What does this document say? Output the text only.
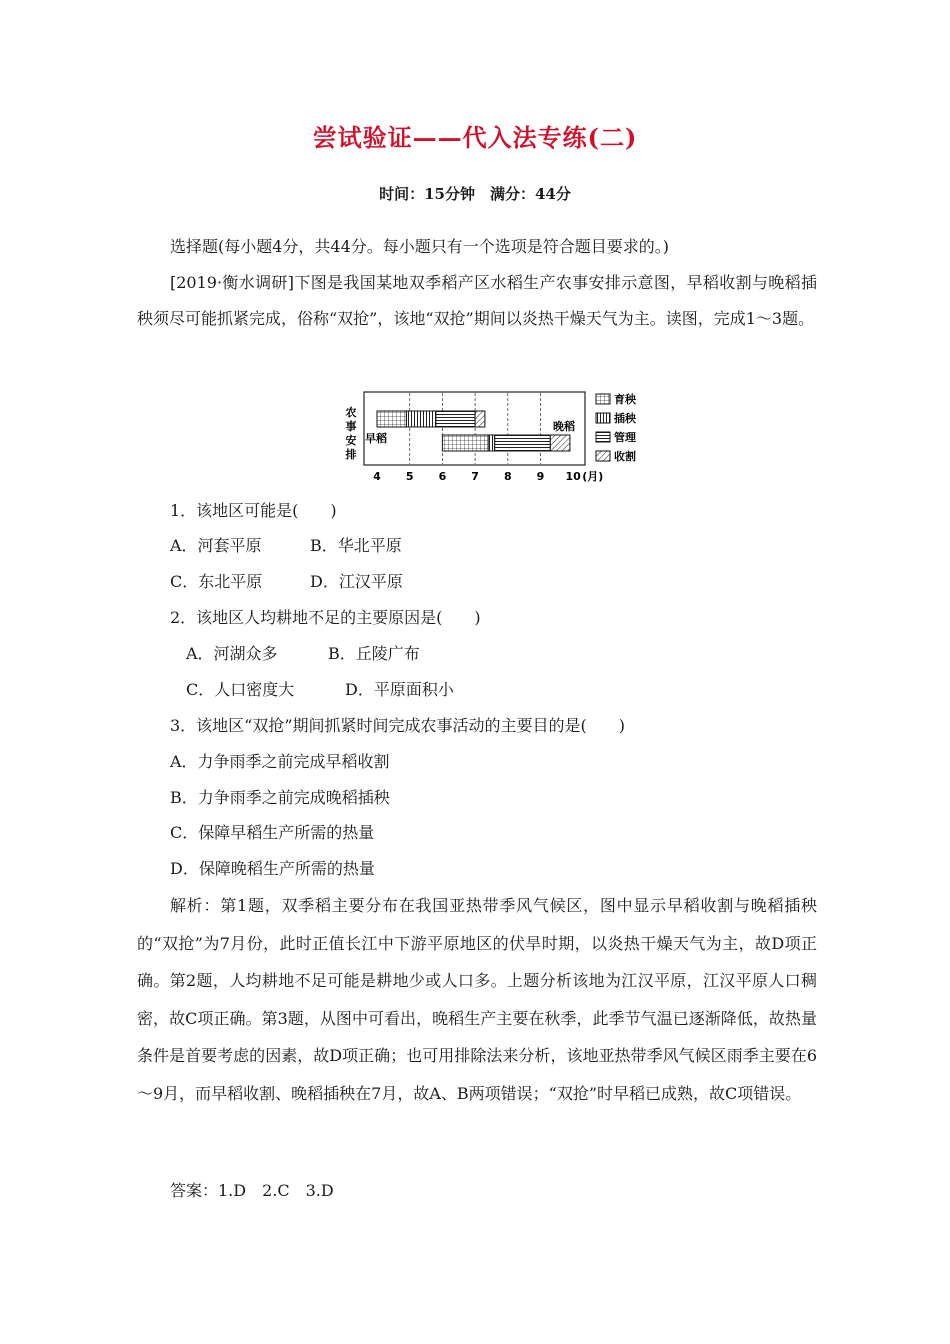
尝试验证——代入法专练(二)
时间：15分钟　满分：44分
选择题(每小题4分，共44分。每小题只有一个选项是符合题目要求的。)
[2019·衡水调研]下图是我国某地双季稻产区水稻生产农事安排示意图，早稻收割与晚稻插秧须尽可能抓紧完成，俗称“双抢”，该地“双抢”期间以炎热干燥天气为主。读图，完成1～3题。
农
事
安
排
早稻
晚稻
4 5 6 7 8 9 10 (月)
育秧
插秧
管理
收割
1．该地区可能是(　　)
A．河套平原	B．华北平原
C．东北平原	D．江汉平原
2．该地区人均耕地不足的主要原因是(　　)
A．河湖众多	B．丘陵广布
C．人口密度大	D．平原面积小
3．该地区“双抢”期间抓紧时间完成农事活动的主要目的是(　　)
A．力争雨季之前完成早稻收割
B．力争雨季之前完成晚稻插秧
C．保障早稻生产所需的热量
D．保障晚稻生产所需的热量
解析：第1题，双季稻主要分布在我国亚热带季风气候区，图中显示早稻收割与晚稻插秧的“双抢”为7月份，此时正值长江中下游平原地区的伏旱时期，以炎热干燥天气为主，故D项正确。第2题，人均耕地不足可能是耕地少或人口多。上题分析该地为江汉平原，江汉平原人口稠密，故C项正确。第3题，从图中可看出，晚稻生产主要在秋季，此季节气温已逐渐降低，故热量条件是首要考虑的因素，故D项正确；也可用排除法来分析，该地亚热带季风气候区雨季主要在6～9月，而早稻收割、晚稻插秧在7月，故A、B两项错误；“双抢”时早稻已成熟，故C项错误。
答案：1.D　2.C　3.D
